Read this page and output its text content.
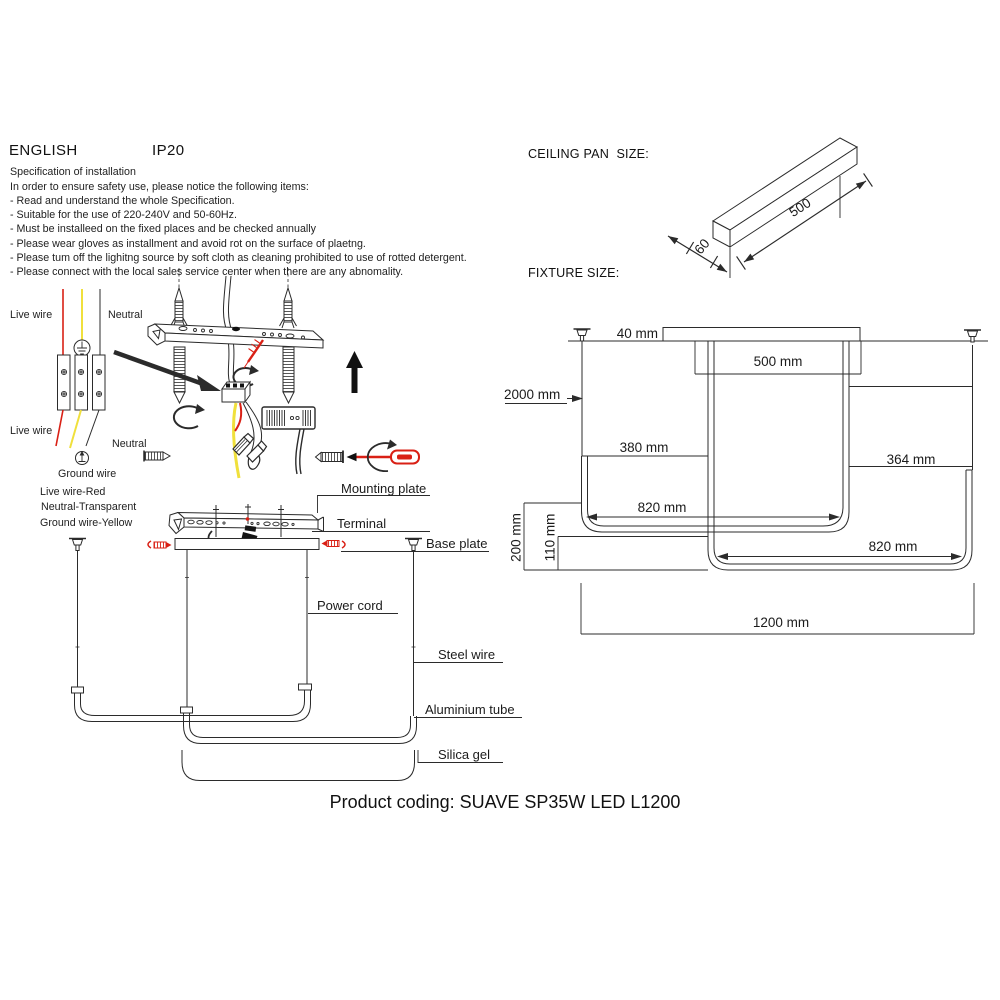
ENGLISH	IP20
Specification of installation
In order to ensure safety use, please notice the following items:
- Read and understand the whole Specification.
- Suitable for the use of 220-240V and 50-60Hz.
- Must be installeed on the fixed places and be checked annually
- Please wear gloves as installment and avoid rot on the surface of plaetng.
- Please tum off the lighitng source by soft cloth as cleaning prohibited to use of rotted detergent.
- Please connect with the local sales service center when there are any abnomality.
Live wire	Neutral
Live wire
Neutral
Ground wire
Live wire-Red
Neutral-Transparent
Ground wire-Yellow
CEILING PAN  SIZE:
FIXTURE SIZE:
500
60
40 mm
500 mm
2000 mm
380 mm
364 mm
820 mm
820 mm
200 mm 110 mm
1200 mm
Mounting plate
Terminal
Base plate
Power cord
Steel wire
Aluminium tube
Silica gel
Product coding: SUAVE SP35W LED L1200
